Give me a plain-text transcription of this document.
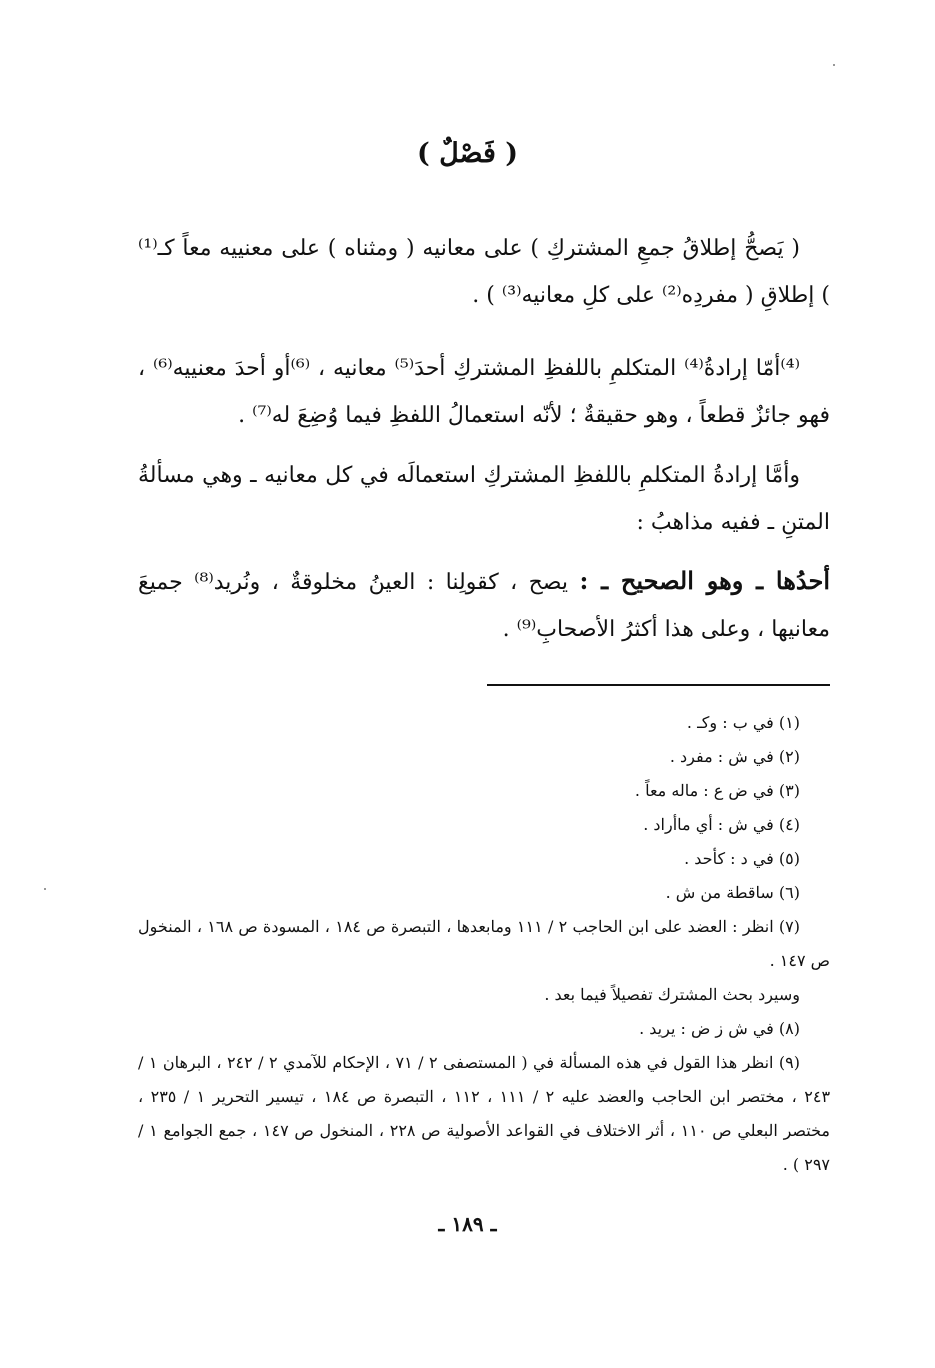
( فَصْلٌ )

( يَصحُّ إطلاقُ جمعِ المشتركِ ) على معانيه ( ومثناه ) على معنييه معاً كـ⁽¹⁾ ) إطلاقِ ( مفردِه⁽²⁾ على كلِ معانيه⁽³⁾ ) .

⁽⁴⁾أمّا إرادةُ⁽⁴⁾ المتكلمِ باللفظِ المشتركِ أحدَ⁽⁵⁾ معانيه ، ⁽⁶⁾أو أحدَ معنييه⁽⁶⁾ ، فهو جائزٌ قطعاً ، وهو حقيقةٌ ؛ لأنّه استعمالُ اللفظِ فيما وُضِعَ له⁽⁷⁾ .

وأمَّا إرادةُ المتكلمِ باللفظِ المشتركِ استعمالَه في كل معانيه ـ وهي مسألةُ المتنِ ـ ففيه مذاهبُ :

أحدُها ـ وهو الصحيح ـ : يصح ، كقولِنا : العينُ مخلوقةٌ ، ونُريد⁽⁸⁾ جميعَ معانيها ، وعلى هذا أكثرُ الأصحابِ⁽⁹⁾ .

(١) في ب : وكـ .

(٢) في ش : مفرد .

(٣) في ض ع : ماله معاً .

(٤) في ش : أي ماأراد .

(٥) في د : كأحد .

(٦) ساقطة من ش .

(٧) انظر : العضد على ابن الحاجب ٢ / ١١١ ومابعدها ، التبصرة ص ١٨٤ ، المسودة ص ١٦٨ ، المنخول ص ١٤٧ .

وسيرد بحث المشترك تفصيلاً فيما بعد .

(٨) في ش ز ض : يريد .

(٩) انظر هذا القول في هذه المسألة في ( المستصفى ٢ / ٧١ ، الإحكام للآمدي ٢ / ٢٤٢ ، البرهان ١ / ٢٤٣ ، مختصر ابن الحاجب والعضد عليه ٢ / ١١١ ، ١١٢ ، التبصرة ص ١٨٤ ، تيسير التحرير ١ / ٢٣٥ ، مختصر البعلي ص ١١٠ ، أثر الاختلاف في القواعد الأصولية ص ٢٢٨ ، المنخول ص ١٤٧ ، جمع الجوامع ١ / ٢٩٧ ) .

ـ ١٨٩ ـ
